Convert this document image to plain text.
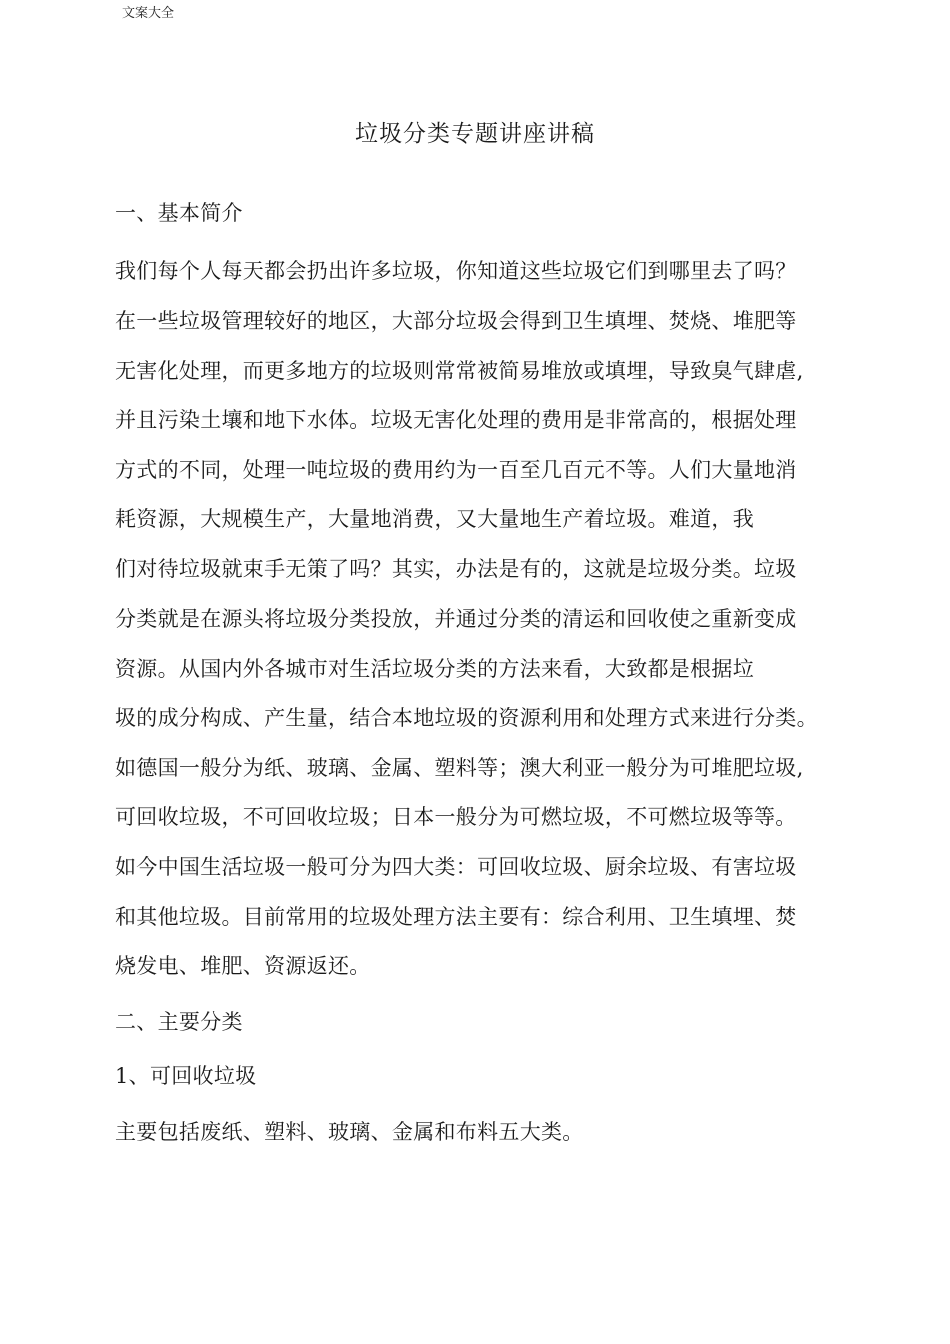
文案大全
垃圾分类专题讲座讲稿
一、基本简介
我们每个人每天都会扔出许多垃圾，你知道这些垃圾它们到哪里去了吗？
在一些垃圾管理较好的地区，大部分垃圾会得到卫生填埋、焚烧、堆肥等
无害化处理，而更多地方的垃圾则常常被简易堆放或填埋，导致臭气肆虐,
并且污染土壤和地下水体。垃圾无害化处理的费用是非常高的，根据处理
方式的不同，处理一吨垃圾的费用约为一百至几百元不等。人们大量地消
耗资源，大规模生产，大量地消费，又大量地生产着垃圾。难道，我
们对待垃圾就束手无策了吗？其实，办法是有的，这就是垃圾分类。垃圾
分类就是在源头将垃圾分类投放，并通过分类的清运和回收使之重新变成
资源。从国内外各城市对生活垃圾分类的方法来看，大致都是根据垃
圾的成分构成、产生量，结合本地垃圾的资源利用和处理方式来进行分类。
如德国一般分为纸、玻璃、金属、塑料等；澳大利亚一般分为可堆肥垃圾,
可回收垃圾，不可回收垃圾；日本一般分为可燃垃圾，不可燃垃圾等等。
如今中国生活垃圾一般可分为四大类：可回收垃圾、厨余垃圾、有害垃圾
和其他垃圾。目前常用的垃圾处理方法主要有：综合利用、卫生填埋、焚
烧发电、堆肥、资源返还。
二、主要分类
1、可回收垃圾
主要包括废纸、塑料、玻璃、金属和布料五大类。
